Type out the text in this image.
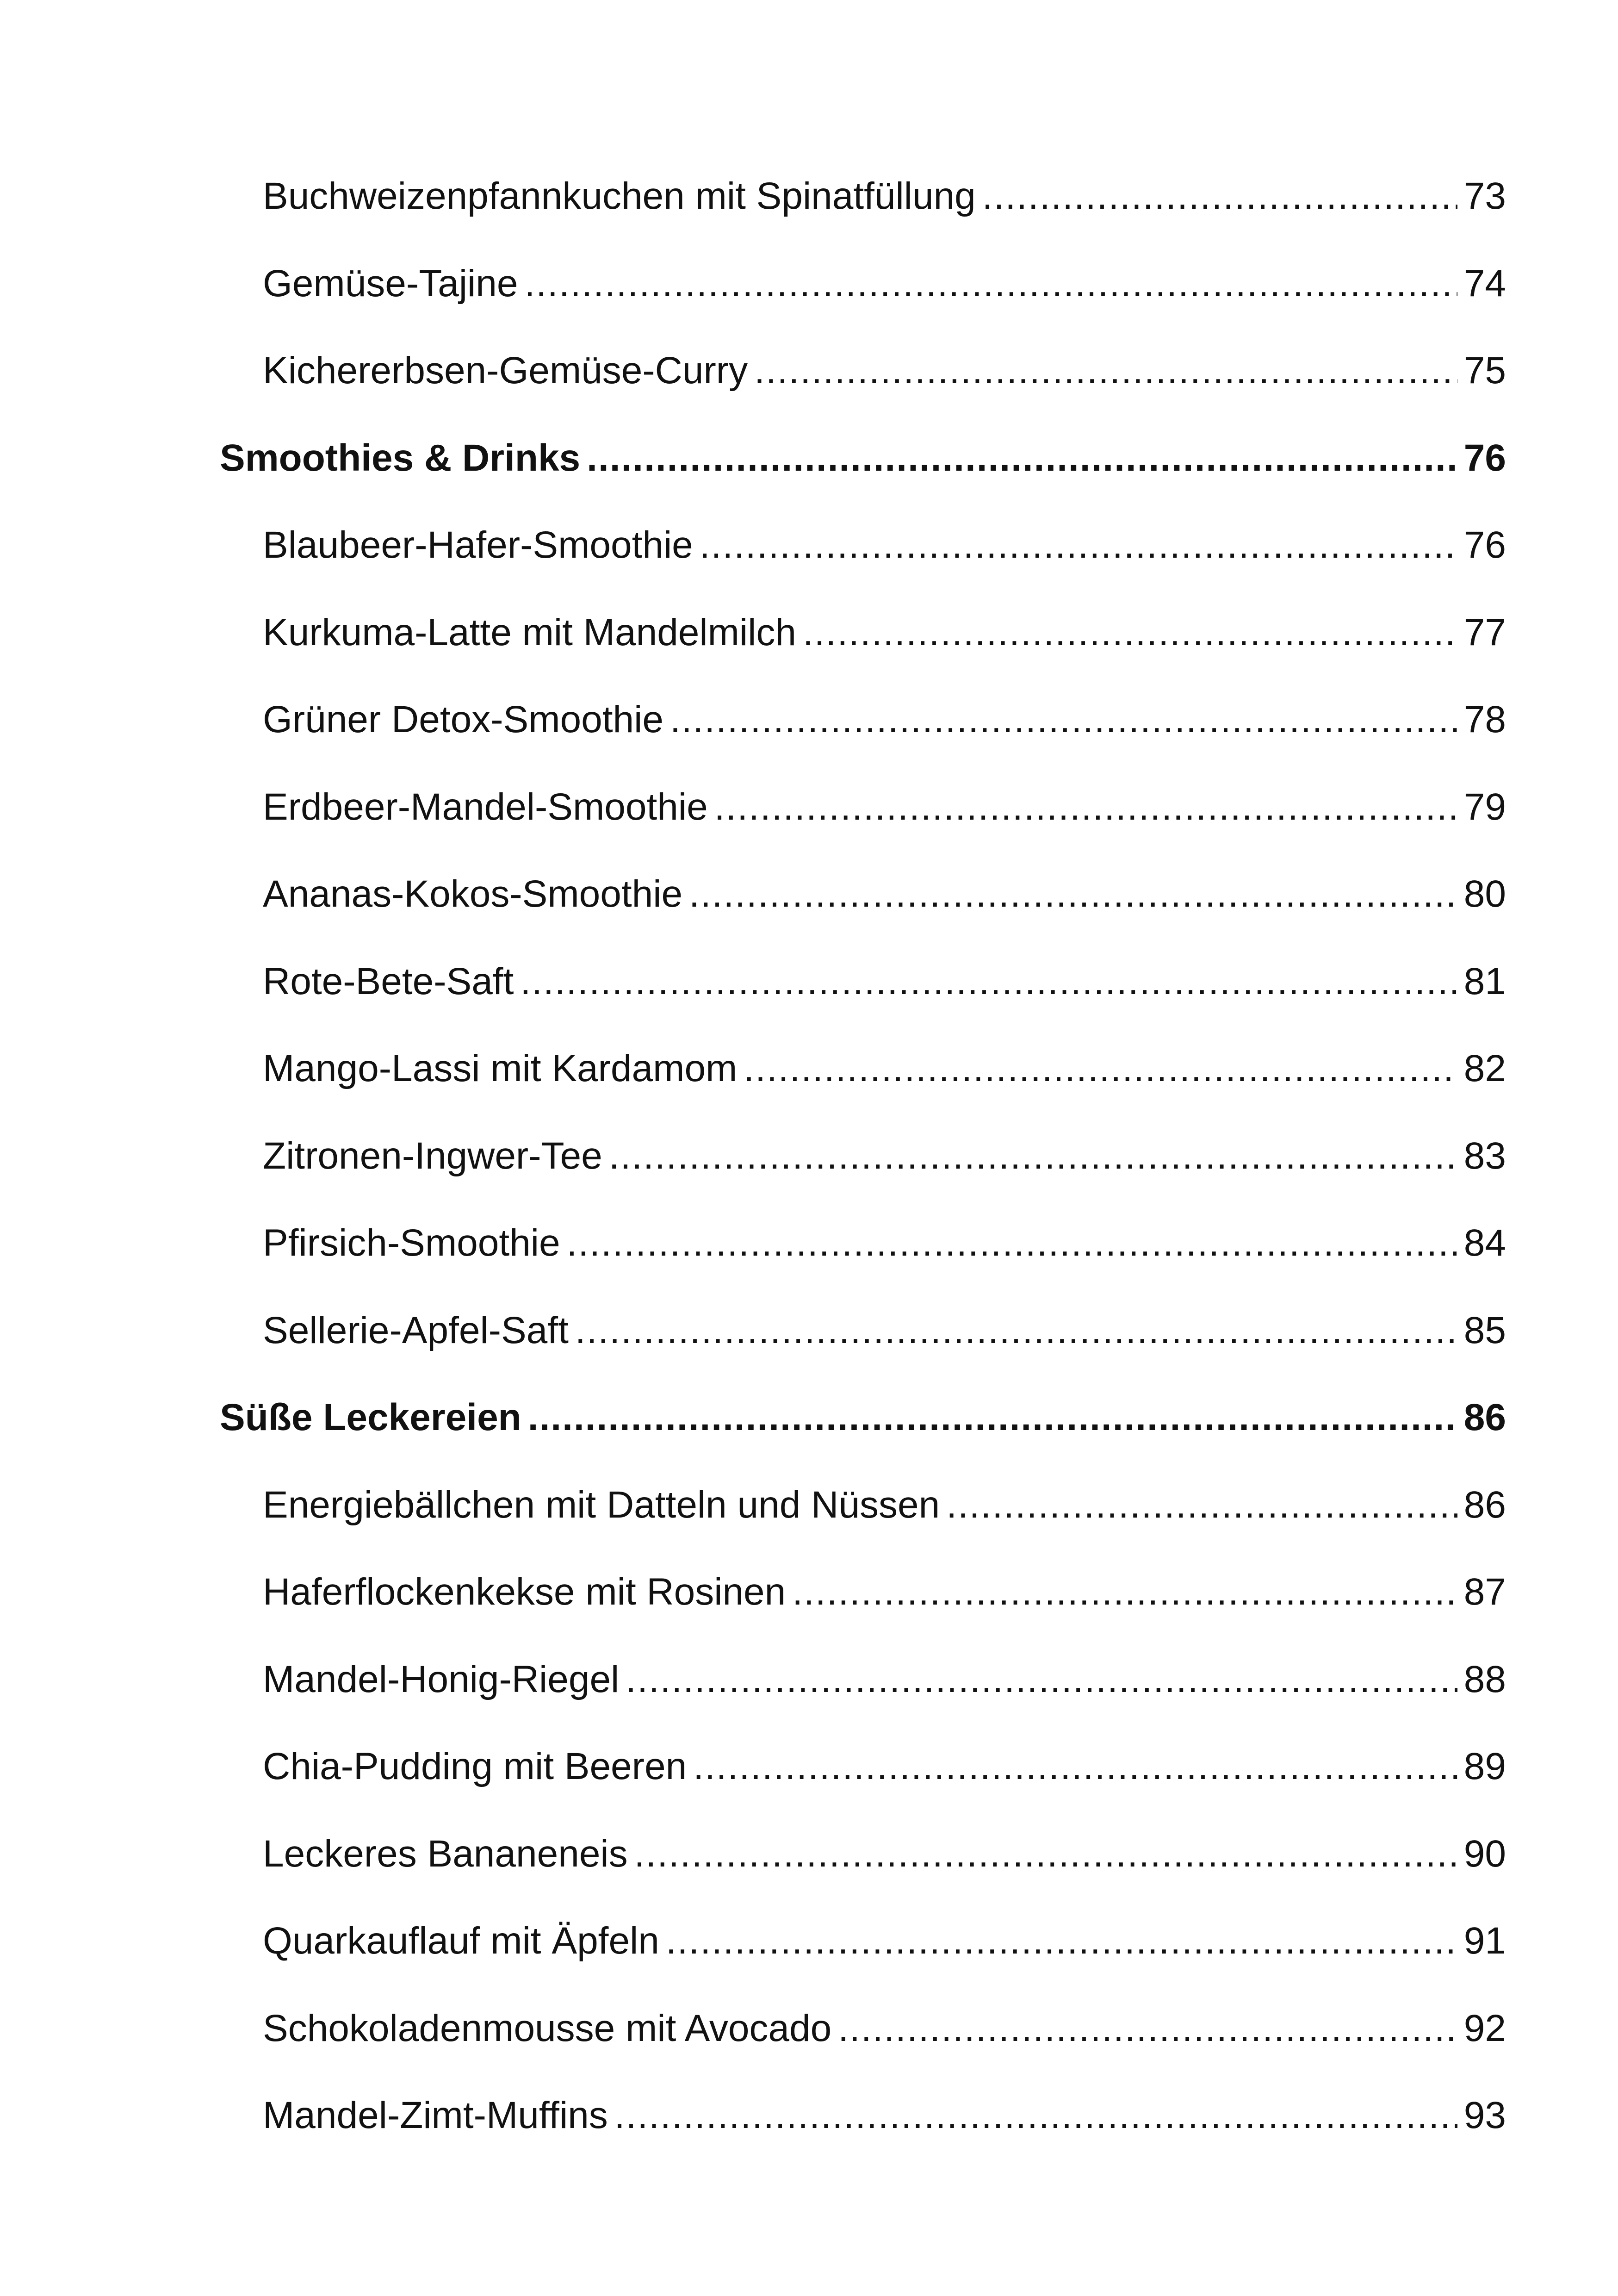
Buchweizenpfannkuchen mit Spinatfüllung .....	73
Gemüse-Tajine .....	74
Kichererbsen-Gemüse-Curry .....	75
Smoothies & Drinks .....	76
Blaubeer-Hafer-Smoothie .....	76
Kurkuma-Latte mit Mandelmilch .....	77
Grüner Detox-Smoothie .....	78
Erdbeer-Mandel-Smoothie .....	79
Ananas-Kokos-Smoothie .....	80
Rote-Bete-Saft .....	81
Mango-Lassi mit Kardamom .....	82
Zitronen-Ingwer-Tee .....	83
Pfirsich-Smoothie .....	84
Sellerie-Apfel-Saft .....	85
Süße Leckereien .....	86
Energiebällchen mit Datteln und Nüssen .....	86
Haferflockenkekse mit Rosinen .....	87
Mandel-Honig-Riegel .....	88
Chia-Pudding mit Beeren .....	89
Leckeres Bananeneis .....	90
Quarkauflauf mit Äpfeln .....	91
Schokoladenmousse mit Avocado .....	92
Mandel-Zimt-Muffins .....	93
